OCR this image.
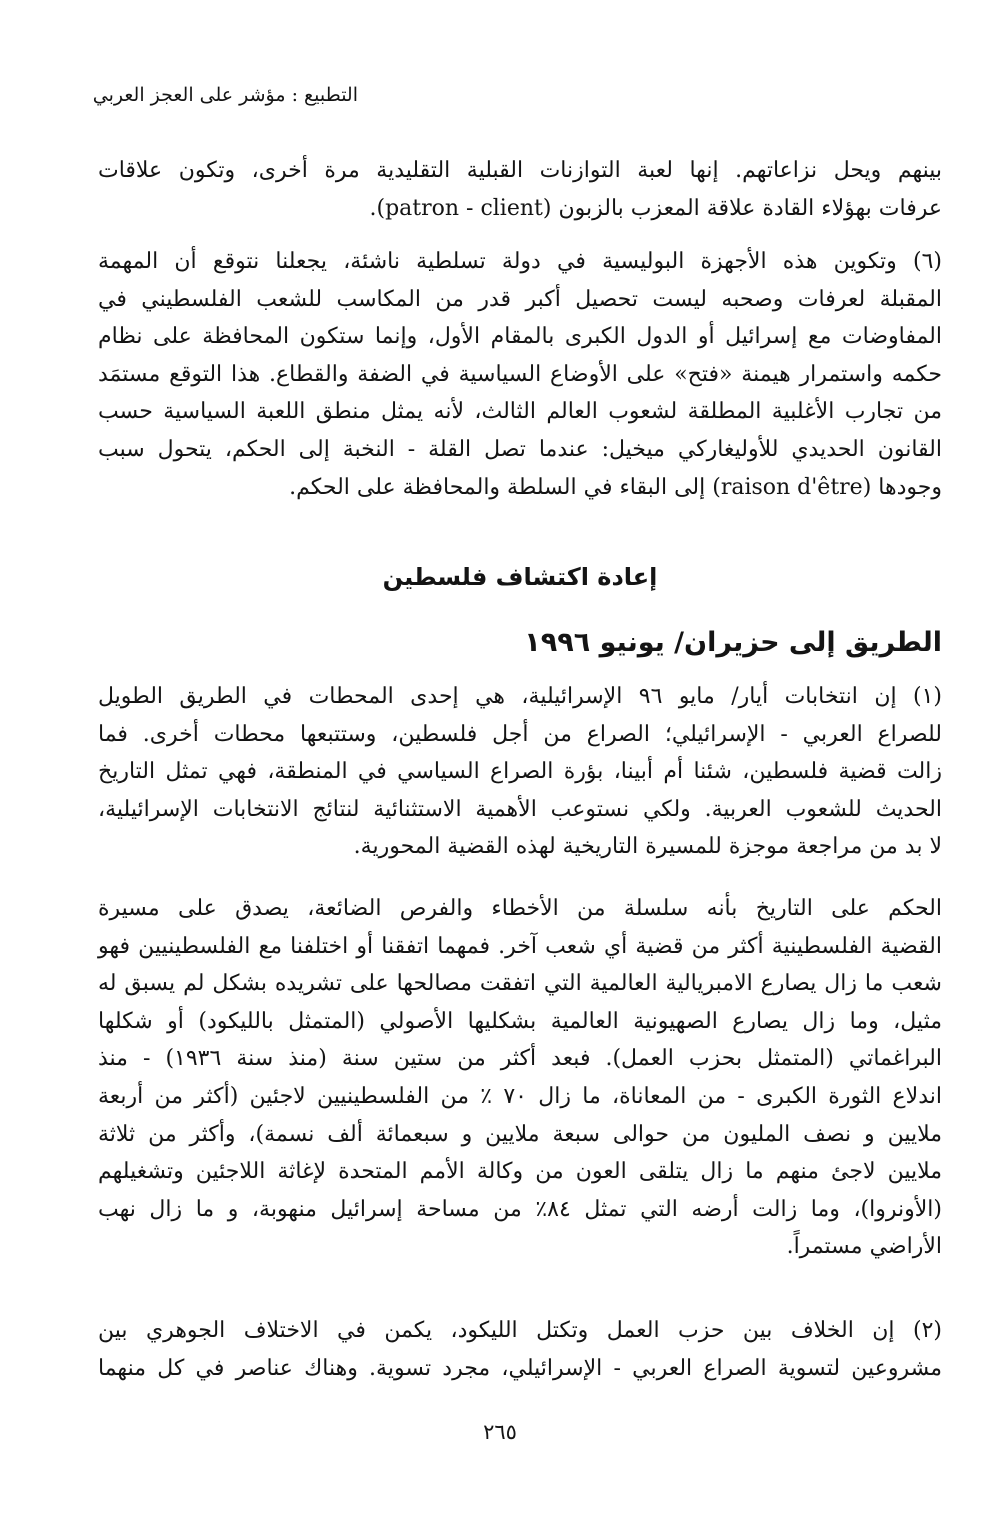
التطبيع : مؤشر على العجز العربي
بينهم ويحل نزاعاتهم. إنها لعبة التوازنات القبلية التقليدية مرة أخرى، وتكون علاقات
عرفات بهؤلاء القادة علاقة المعزب بالزبون (patron - client).
(٦) وتكوين هذه الأجهزة البوليسية في دولة تسلطية ناشئة، يجعلنا نتوقع أن المهمة
المقبلة لعرفات وصحبه ليست تحصيل أكبر قدر من المكاسب للشعب الفلسطيني في
المفاوضات مع إسرائيل أو الدول الكبرى بالمقام الأول، وإنما ستكون المحافظة على نظام
حكمه واستمرار هيمنة «فتح» على الأوضاع السياسية في الضفة والقطاع. هذا التوقع مستمَد
من تجارب الأغلبية المطلقة لشعوب العالم الثالث، لأنه يمثل منطق اللعبة السياسية حسب
القانون الحديدي للأوليغاركي ميخيل: عندما تصل القلة - النخبة إلى الحكم، يتحول سبب
وجودها (raison d'être) إلى البقاء في السلطة والمحافظة على الحكم.
إعادة اكتشاف فلسطين
الطريق إلى حزيران/ يونيو ١٩٩٦
(١) إن انتخابات أيار/ مايو ٩٦ الإسرائيلية، هي إحدى المحطات في الطريق الطويل
للصراع العربي - الإسرائيلي؛ الصراع من أجل فلسطين، وستتبعها محطات أخرى. فما
زالت قضية فلسطين، شئنا أم أبينا، بؤرة الصراع السياسي في المنطقة، فهي تمثل التاريخ
الحديث للشعوب العربية. ولكي نستوعب الأهمية الاستثنائية لنتائج الانتخابات الإسرائيلية،
لا بد من مراجعة موجزة للمسيرة التاريخية لهذه القضية المحورية.
الحكم على التاريخ بأنه سلسلة من الأخطاء والفرص الضائعة، يصدق على مسيرة
القضية الفلسطينية أكثر من قضية أي شعب آخر. فمهما اتفقنا أو اختلفنا مع الفلسطينيين فهو
شعب ما زال يصارع الامبريالية العالمية التي اتفقت مصالحها على تشريده بشكل لم يسبق له
مثيل، وما زال يصارع الصهيونية العالمية بشكليها الأصولي (المتمثل بالليكود) أو شكلها
البراغماتي (المتمثل بحزب العمل). فبعد أكثر من ستين سنة (منذ سنة ١٩٣٦) - منذ
اندلاع الثورة الكبرى - من المعاناة، ما زال ٧٠ ٪ من الفلسطينيين لاجئين (أكثر من أربعة
ملايين و نصف المليون من حوالى سبعة ملايين و سبعمائة ألف نسمة)، وأكثر من ثلاثة
ملايين لاجئ منهم ما زال يتلقى العون من وكالة الأمم المتحدة لإغاثة اللاجئين وتشغيلهم
(الأونروا)، وما زالت أرضه التي تمثل ٨٤٪ من مساحة إسرائيل منهوبة، و ما زال نهب
الأراضي مستمراً.
(٢) إن الخلاف بين حزب العمل وتكتل الليكود، يكمن في الاختلاف الجوهري بين
مشروعين لتسوية الصراع العربي - الإسرائيلي، مجرد تسوية. وهناك عناصر في كل منهما
٢٦٥
